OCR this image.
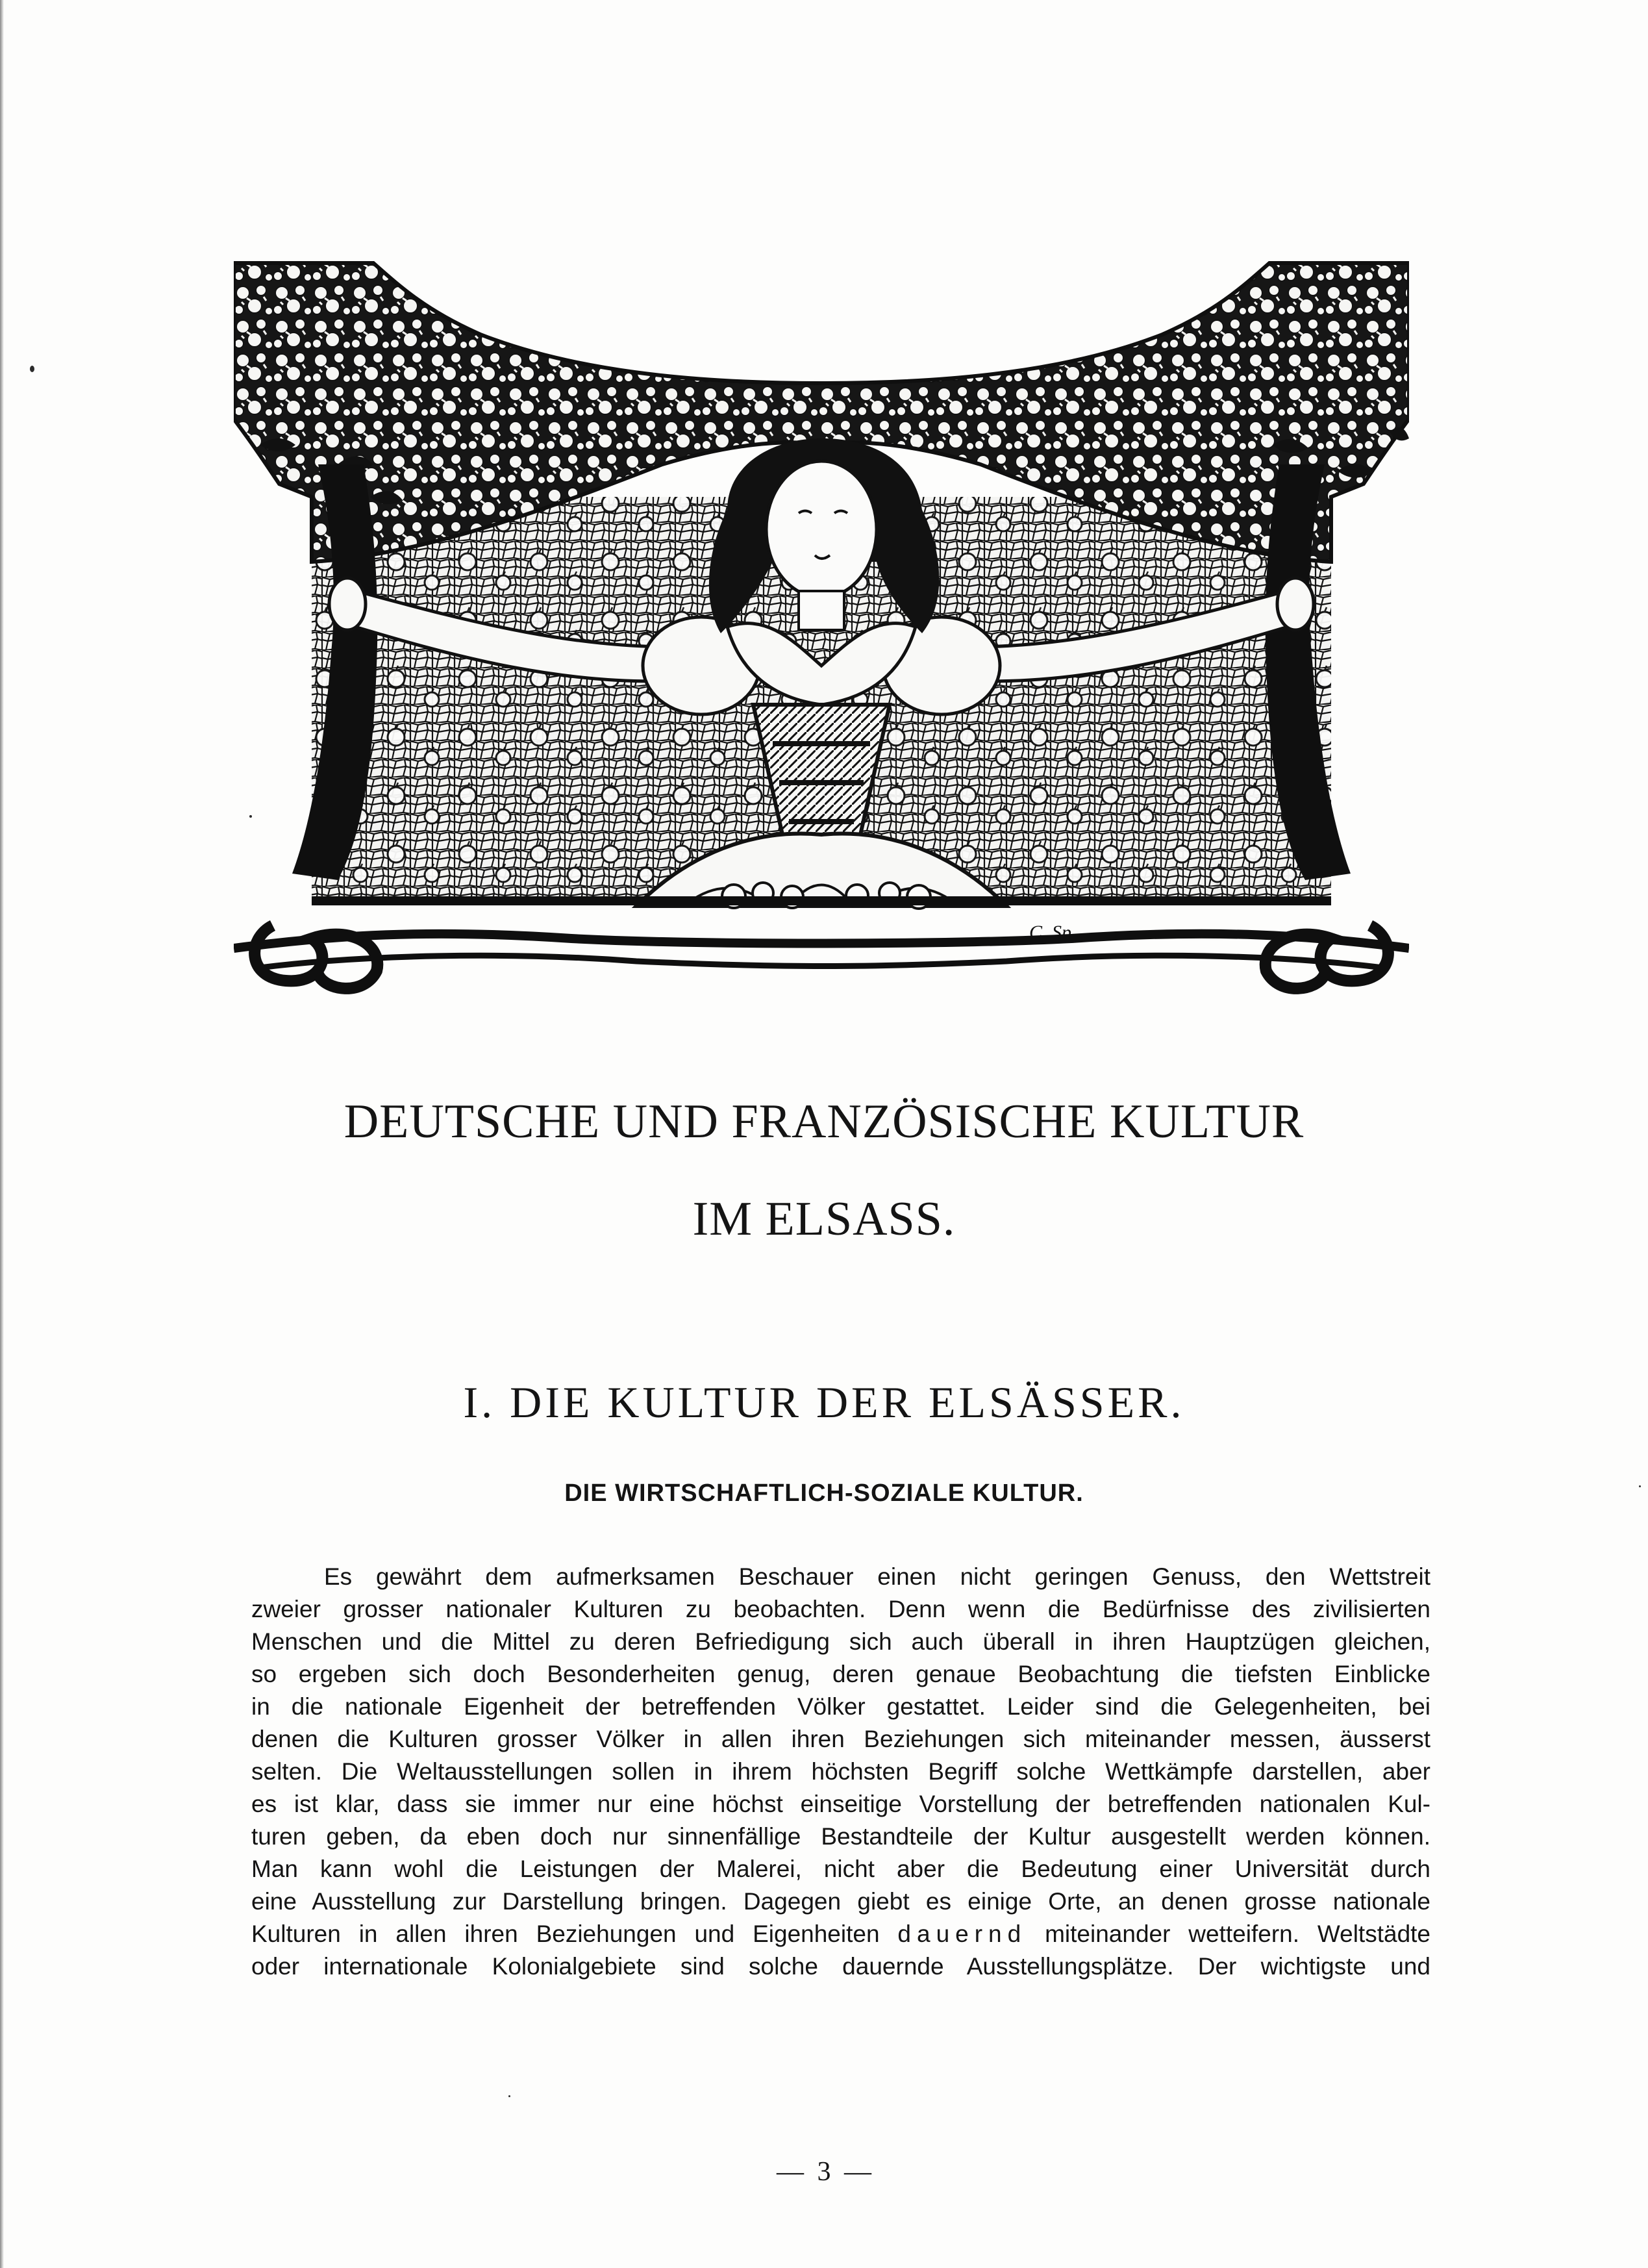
C. Sp.
DEUTSCHE UND FRANZÖSISCHE KULTUR
IM ELSASS.
I. DIE KULTUR DER ELSÄSSER.
DIE WIRTSCHAFTLICH-SOZIALE KULTUR.
Es gewährt dem aufmerksamen Beschauer einen nicht geringen Genuss, den Wettstreit
zweier grosser nationaler Kulturen zu beobachten. Denn wenn die Bedürfnisse des zivilisierten
Menschen und die Mittel zu deren Befriedigung sich auch überall in ihren Hauptzügen gleichen,
so ergeben sich doch Besonderheiten genug, deren genaue Beobachtung die tiefsten Einblicke
in die nationale Eigenheit der betreffenden Völker gestattet. Leider sind die Gelegenheiten, bei
denen die Kulturen grosser Völker in allen ihren Beziehungen sich miteinander messen, äusserst
selten. Die Weltausstellungen sollen in ihrem höchsten Begriff solche Wettkämpfe darstellen, aber
es ist klar, dass sie immer nur eine höchst einseitige Vorstellung der betreffenden nationalen Kul-
turen geben, da eben doch nur sinnenfällige Bestandteile der Kultur ausgestellt werden können.
Man kann wohl die Leistungen der Malerei, nicht aber die Bedeutung einer Universität durch
eine Ausstellung zur Darstellung bringen. Dagegen giebt es einige Orte, an denen grosse nationale
Kulturen in allen ihren Beziehungen und Eigenheiten dauernd miteinander wetteifern. Weltstädte
oder internationale Kolonialgebiete sind solche dauernde Ausstellungsplätze. Der wichtigste und
— 3 —
